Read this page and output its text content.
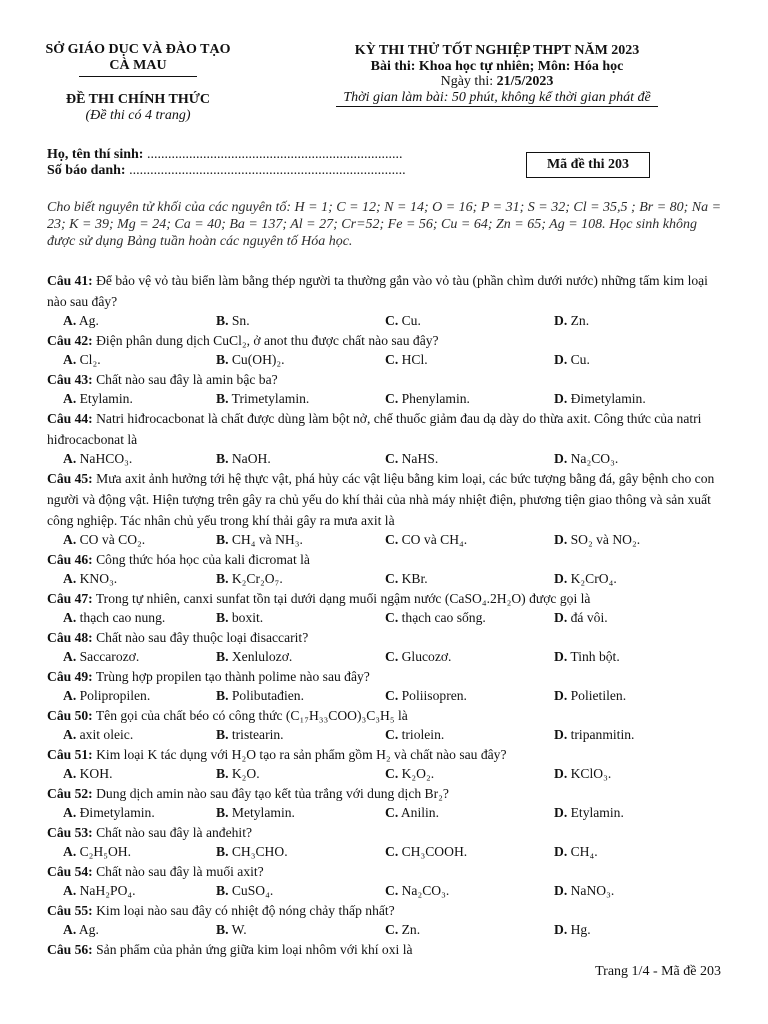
SỞ GIÁO DỤC VÀ ĐÀO TẠO
CÀ MAU
ĐỀ THI CHÍNH THỨC
(Đề thi có 4 trang)
KỲ THI THỬ TỐT NGHIỆP THPT NĂM 2023
Bài thi: Khoa học tự nhiên; Môn: Hóa học
Ngày thi: 21/5/2023
Thời gian làm bài: 50 phút, không kể thời gian phát đề
Họ, tên thí sinh: .........................................................................
Số báo danh: ...............................................................................	Mã đề thi 203
Cho biết nguyên tử khối của các nguyên tố: H = 1; C = 12; N = 14; O = 16; P = 31; S = 32; Cl = 35,5 ; Br = 80; Na = 23; K = 39; Mg = 24; Ca = 40; Ba = 137; Al = 27; Cr=52; Fe = 56; Cu = 64; Zn = 65; Ag = 108. Học sinh không được sử dụng Bảng tuần hoàn các nguyên tố Hóa học.
Câu 41: Để bảo vệ vỏ tàu biển làm bằng thép người ta thường gắn vào vỏ tàu (phần chìm dưới nước) những tấm kim loại nào sau đây?
A. Ag.	B. Sn.	C. Cu.	D. Zn.
Câu 42: Điện phân dung dịch CuCl₂, ở anot thu được chất nào sau đây?
A. Cl₂.	B. Cu(OH)₂.	C. HCl.	D. Cu.
Câu 43: Chất nào sau đây là amin bậc ba?
A. Etylamin.	B. Trimetylamin.	C. Phenylamin.	D. Đimetylamin.
Câu 44: Natri hiđrocacbonat là chất được dùng làm bột nở, chế thuốc giảm đau dạ dày do thừa axit. Công thức của natri hiđrocacbonat là
A. NaHCO₃.	B. NaOH.	C. NaHS.	D. Na₂CO₃.
Câu 45: Mưa axit ảnh hưởng tới hệ thực vật, phá hủy các vật liệu bằng kim loại, các bức tượng bằng đá, gây bệnh cho con người và động vật. Hiện tượng trên gây ra chủ yếu do khí thải của nhà máy nhiệt điện, phương tiện giao thông và sản xuất công nghiệp. Tác nhân chủ yếu trong khí thải gây ra mưa axit là
A. CO và CO₂.	B. CH₄ và NH₃.	C. CO và CH₄.	D. SO₂ và NO₂.
Câu 46: Công thức hóa học của kali đicromat là
A. KNO₃.	B. K₂Cr₂O₇.	C. KBr.	D. K₂CrO₄.
Câu 47: Trong tự nhiên, canxi sunfat tồn tại dưới dạng muối ngậm nước (CaSO₄.2H₂O) được gọi là
A. thạch cao nung.	B. boxit.	C. thạch cao sống.	D. đá vôi.
Câu 48: Chất nào sau đây thuộc loại đisaccarit?
A. Saccarozơ.	B. Xenlulozơ.	C. Glucozơ.	D. Tinh bột.
Câu 49: Trùng hợp propilen tạo thành polime nào sau đây?
A. Polipropilen.	B. Polibutađien.	C. Poliisopren.	D. Polietilen.
Câu 50: Tên gọi của chất béo có công thức (C₁₇H₃₃COO)₃C₃H₅ là
A. axit oleic.	B. tristearin.	C. triolein.	D. tripanmitin.
Câu 51: Kim loại K tác dụng với H₂O tạo ra sản phẩm gồm H₂ và chất nào sau đây?
A. KOH.	B. K₂O.	C. K₂O₂.	D. KClO₃.
Câu 52: Dung dịch amin nào sau đây tạo kết tủa trắng với dung dịch Br₂?
A. Đimetylamin.	B. Metylamin.	C. Anilin.	D. Etylamin.
Câu 53: Chất nào sau đây là anđehit?
A. C₂H₅OH.	B. CH₃CHO.	C. CH₃COOH.	D. CH₄.
Câu 54: Chất nào sau đây là muối axit?
A. NaH₂PO₄.	B. CuSO₄.	C. Na₂CO₃.	D. NaNO₃.
Câu 55: Kim loại nào sau đây có nhiệt độ nóng chảy thấp nhất?
A. Ag.	B. W.	C. Zn.	D. Hg.
Câu 56: Sản phẩm của phản ứng giữa kim loại nhôm với khí oxi là
Trang 1/4 - Mã đề 203
